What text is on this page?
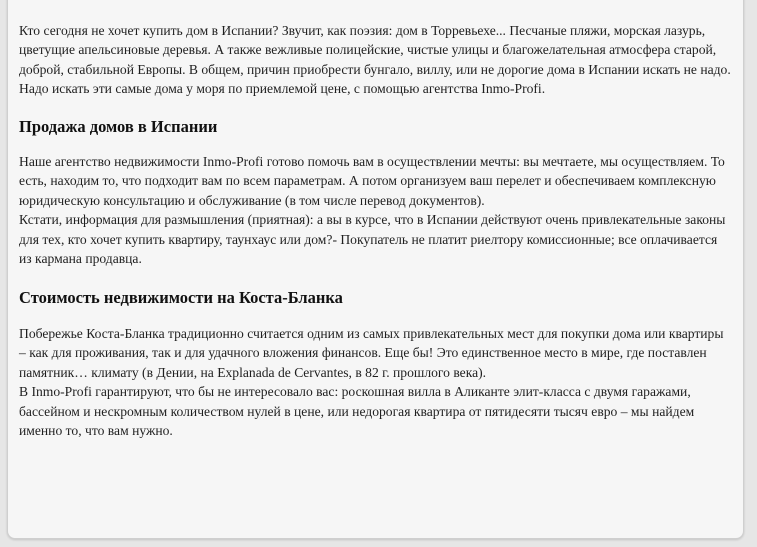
Кто сегодня не хочет купить дом в Испании? Звучит, как поэзия: дом в Торревьехе... Песчаные пляжи, морская лазурь, цветущие апельсиновые деревья. А также вежливые полицейские, чистые улицы и благожелательная атмосфера старой, доброй, стабильной Европы. В общем, причин приобрести бунгало, виллу, или не дорогие дома в Испании искать не надо. Надо искать эти самые дома у моря по приемлемой цене, с помощью агентства Inmo-Profi.

Продажа домов в Испании

Наше агентство недвижимости Inmo-Profi готово помочь вам в осуществлении мечты: вы мечтаете, мы осуществляем. То есть, находим то, что подходит вам по всем параметрам. А потом организуем ваш перелет и обеспечиваем комплексную юридическую консультацию и обслуживание (в том числе перевод документов).

Кстати, информация для размышления (приятная): а вы в курсе, что в Испании действуют очень привлекательные законы для тех, кто хочет купить квартиру, таунхаус или дом?- Покупатель не платит риелтору комиссионные; все оплачивается из кармана продавца.

Стоимость недвижимости на Коста-Бланка

Побережье Коста-Бланка традиционно считается одним из самых привлекательных мест для покупки дома или квартиры – как для проживания, так и для удачного вложения финансов. Еще бы! Это единственное место в мире, где поставлен памятник… климату (в Дении, на Explanada de Cervantes, в 82 г. прошлого века).

В Inmo-Profi гарантируют, что бы не интересовало вас: роскошная вилла в Аликанте элит-класса с двумя гаражами, бассейном и нескромным количеством нулей в цене, или недорогая квартира от пятидесяти тысяч евро – мы найдем именно то, что вам нужно.
